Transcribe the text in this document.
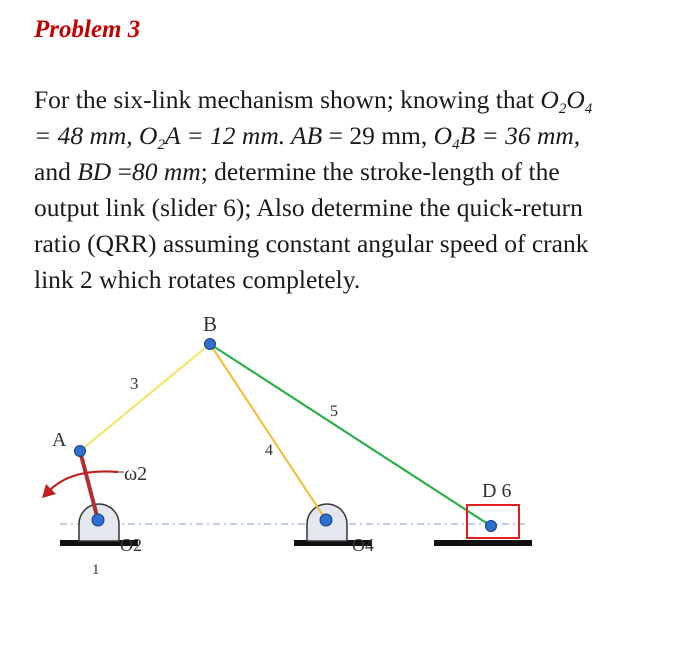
Problem 3
For the six-link mechanism shown; knowing that $O_2O_4$
= 48 mm, $O_2A = 12$ mm. AB = 29 mm, $O_4B = 36$ mm,
and BD =80 mm; determine the stroke-length of the
output link (slider 6); Also determine the quick-return
ratio (QRR) assuming constant angular speed of crank
link 2 which rotates completely.
B
A
3
4
5
ω2
O2
1
O4
D 6
